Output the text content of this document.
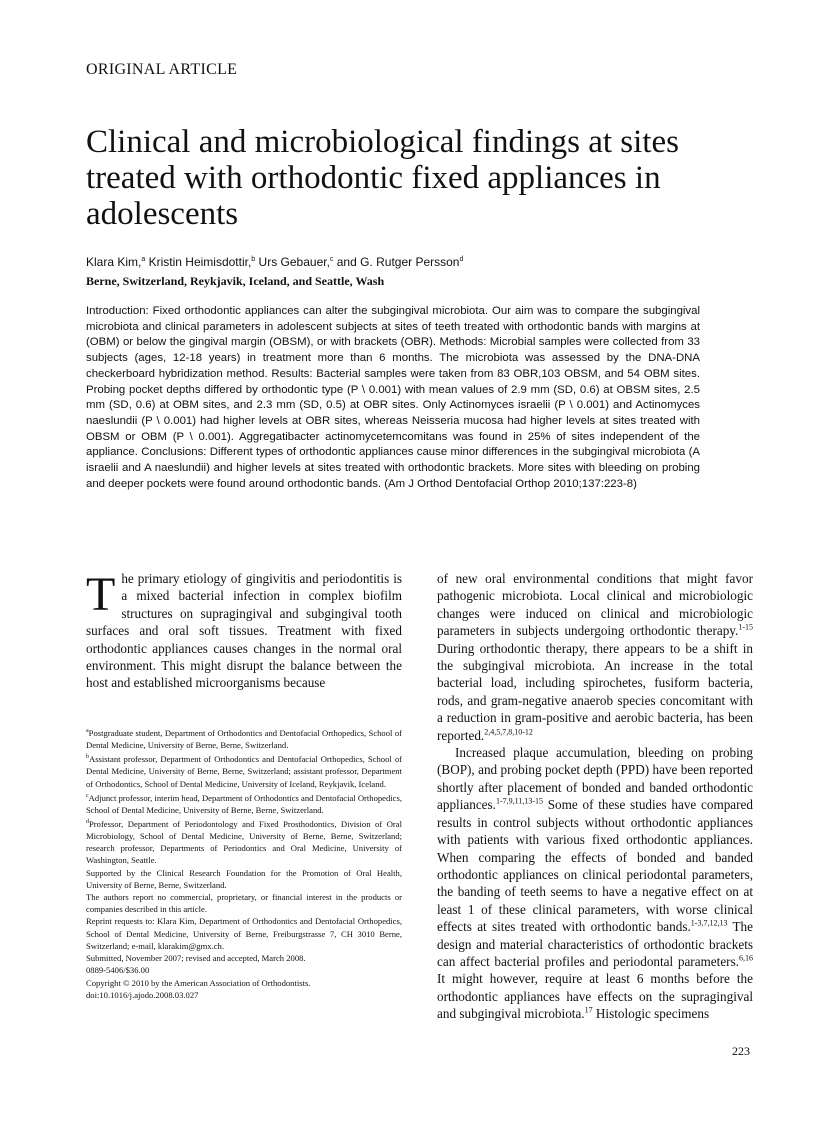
ORIGINAL ARTICLE
Clinical and microbiological findings at sites treated with orthodontic fixed appliances in adolescents
Klara Kim,$^a$ Kristin Heimisdottir,$^b$ Urs Gebauer,$^c$ and G. Rutger Persson$^d$
Berne, Switzerland, Reykjavik, Iceland, and Seattle, Wash

Introduction: Fixed orthodontic appliances can alter the subgingival microbiota. Our aim was to compare the subgingival microbiota and clinical parameters in adolescent subjects at sites of teeth treated with orthodontic bands with margins at (OBM) or below the gingival margin (OBSM), or with brackets (OBR). Methods: Microbial samples were collected from 33 subjects (ages, 12-18 years) in treatment more than 6 months. The microbiota was assessed by the DNA-DNA checkerboard hybridization method. Results: Bacterial samples were taken from 83 OBR,103 OBSM, and 54 OBM sites. Probing pocket depths differed by orthodontic type (P \ 0.001) with mean values of 2.9 mm (SD, 0.6) at OBSM sites, 2.5 mm (SD, 0.6) at OBM sites, and 2.3 mm (SD, 0.5) at OBR sites. Only Actinomyces israelii (P \ 0.001) and Actinomyces naeslundii (P \ 0.001) had higher levels at OBR sites, whereas Neisseria mucosa had higher levels at sites treated with OBSM or OBM (P \ 0.001). Aggregatibacter actinomycetemcomitans was found in 25% of sites independent of the appliance. Conclusions: Different types of orthodontic appliances cause minor differences in the subgingival microbiota (A israelii and A naeslundii) and higher levels at sites treated with orthodontic brackets. More sites with bleeding on probing and deeper pockets were found around orthodontic bands. (Am J Orthod Dentofacial Orthop 2010;137:223-8)

The primary etiology of gingivitis and periodontitis is a mixed bacterial infection in complex biofilm structures on supragingival and subgingival tooth surfaces and oral soft tissues. Treatment with fixed orthodontic appliances causes changes in the normal oral environment. This might disrupt the balance between the host and established microorganisms because

$^a$Postgraduate student, Department of Orthodontics and Dentofacial Orthopedics, School of Dental Medicine, University of Berne, Berne, Switzerland.

$^b$Assistant professor, Department of Orthodontics and Dentofacial Orthopedics, School of Dental Medicine, University of Berne, Berne, Switzerland; assistant professor, Department of Orthodontics, School of Dental Medicine, University of Iceland, Reykjavik, Iceland.

$^c$Adjunct professor, interim head, Department of Orthodontics and Dentofacial Orthopedics, School of Dental Medicine, University of Berne, Berne, Switzerland.

$^d$Professor, Department of Periodontology and Fixed Prosthodontics, Division of Oral Microbiology, School of Dental Medicine, University of Berne, Berne, Switzerland; research professor, Departments of Periodontics and Oral Medicine, University of Washington, Seattle.

Supported by the Clinical Research Foundation for the Promotion of Oral Health, University of Berne, Berne, Switzerland.

The authors report no commercial, proprietary, or financial interest in the products or companies described in this article.

Reprint requests to: Klara Kim, Department of Orthodontics and Dentofacial Orthopedics, School of Dental Medicine, University of Berne, Freiburgstrasse 7, CH 3010 Berne, Switzerland; e-mail, klarakim@gmx.ch.

Submitted, November 2007; revised and accepted, March 2008.

0889-5406/$36.00

Copyright © 2010 by the American Association of Orthodontists.

doi:10.1016/j.ajodo.2008.03.027

of new oral environmental conditions that might favor pathogenic microbiota. Local clinical and microbiologic changes were induced on clinical and microbiologic parameters in subjects undergoing orthodontic therapy.$^{1-15}$ During orthodontic therapy, there appears to be a shift in the subgingival microbiota. An increase in the total bacterial load, including spirochetes, fusiform bacteria, rods, and gram-negative anaerob species concomitant with a reduction in gram-positive and aerobic bacteria, has been reported.$^{2,4,5,7,8,10-12}$

Increased plaque accumulation, bleeding on probing (BOP), and probing pocket depth (PPD) have been reported shortly after placement of bonded and banded orthodontic appliances.$^{1-7,9,11,13-15}$ Some of these studies have compared results in control subjects without orthodontic appliances with patients with various fixed orthodontic appliances. When comparing the effects of bonded and banded orthodontic appliances on clinical periodontal parameters, the banding of teeth seems to have a negative effect on at least 1 of these clinical parameters, with worse clinical effects at sites treated with orthodontic bands.$^{1-3,7,12,13}$ The design and material characteristics of orthodontic brackets can affect bacterial profiles and periodontal parameters.$^{6,16}$ It might however, require at least 6 months before the orthodontic appliances have effects on the supragingival and subgingival microbiota.$^{17}$ Histologic specimens

223
